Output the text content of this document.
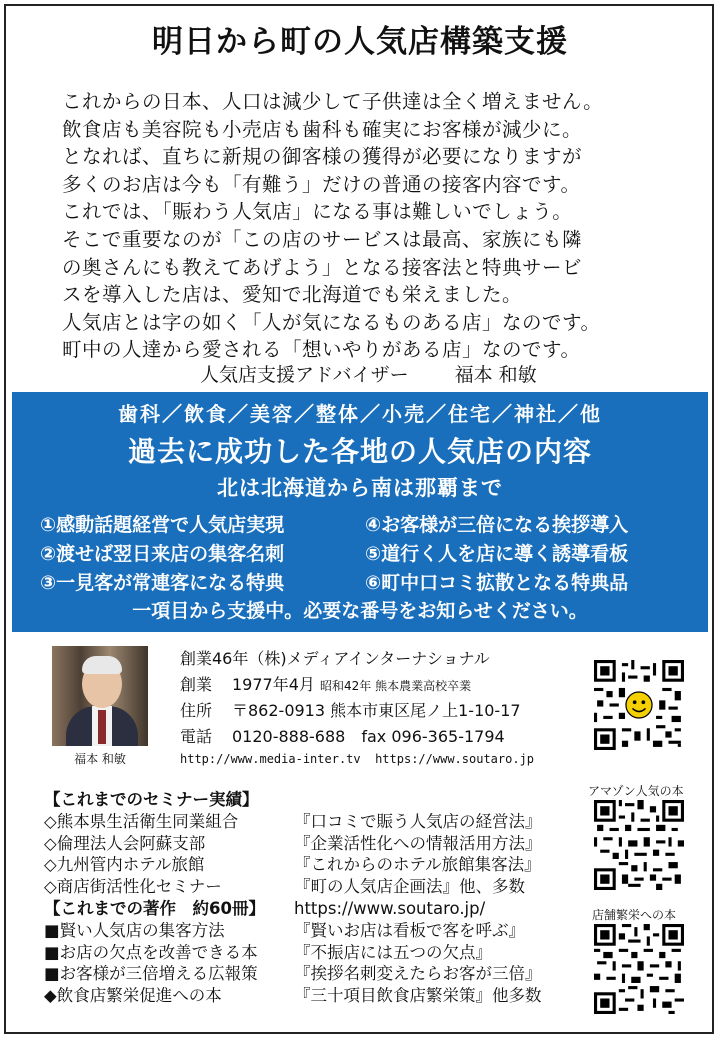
明日から町の人気店構築支援
これからの日本、人口は減少して子供達は全く増えません。
飲食店も美容院も小売店も歯科も確実にお客様が減少に。
となれば、直ちに新規の御客様の獲得が必要になりますが
多くのお店は今も「有難う」だけの普通の接客内容です。
これでは、「賑わう人気店」になる事は難しいでしょう。
そこで重要なのが「この店のサービスは最高、家族にも隣
の奥さんにも教えてあげよう」となる接客法と特典サービ
スを導入した店は、愛知で北海道でも栄えました。
人気店とは字の如く「人が気になるものある店」なのです。
町中の人達から愛される「想いやりがある店」なのです。
人気店支援アドバイザー 福本 和敏
歯科／飲食／美容／整体／小売／住宅／神社／他
過去に成功した各地の人気店の内容
北は北海道から南は那覇まで
①感動話題経営で人気店実現	④お客様が三倍になる挨拶導入
②渡せば翌日来店の集客名刺	⑤道行く人を店に導く誘導看板
③一見客が常連客になる特典	⑥町中口コミ拡散となる特典品
一項目から支援中。必要な番号をお知らせください。
福本 和敏
創業46年（株)メディアインターナショナル
創業 1977年4月 昭和42年 熊本農業高校卒業
住所 〒862-0913 熊本市東区尾ノ上1-10-17
電話 0120-888-688　fax 096-365-1794
http://www.media-inter.tv https://www.soutaro.jp
アマゾン人気の本
店舗繁栄への本
【これまでのセミナー実績】
◇熊本県生活衛生同業組合	『口コミで賑う人気店の経営法』
◇倫理法人会阿蘇支部	『企業活性化への情報活用方法』
◇九州管内ホテル旅館	『これからのホテル旅館集客法』
◇商店街活性化セミナー	『町の人気店企画法』他、多数
【これまでの著作　約60冊】 https://www.soutaro.jp/
■賢い人気店の集客方法	『賢いお店は看板で客を呼ぶ』
■お店の欠点を改善できる本 『不振店には五つの欠点』
■お客様が三倍増える広報策 『挨拶名刺変えたらお客が三倍』
◆飲食店繁栄促進への本	『三十項目飲食店繁栄策』他多数
